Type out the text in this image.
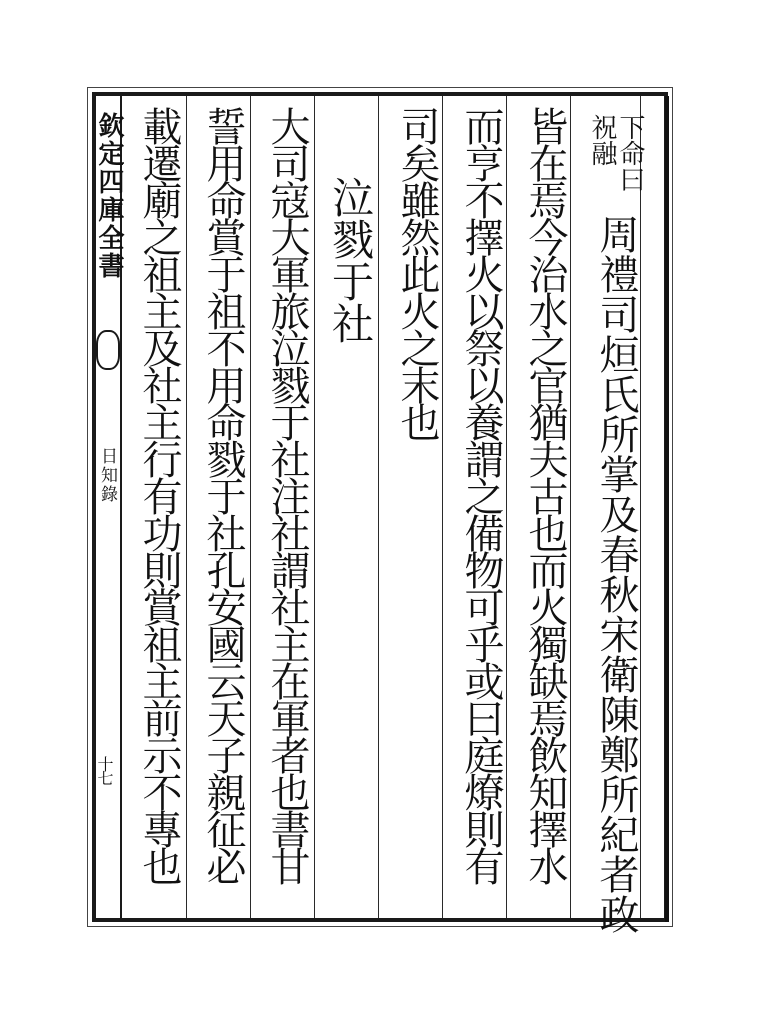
欽定四庫全書
日知錄
十七
下命曰
祝融
周禮司烜氏所掌及春秋宋衛陳鄭所紀者政
皆在焉今治水之官猶夫古也而火獨缺焉飲知擇水
而亨不擇火以祭以養謂之備物可乎或曰庭燎則有
司矣雖然此火之末也
泣戮于社
大司寇大軍旅泣戮于社注社謂社主在軍者也書甘
誓用命賞于祖不用命戮于社孔安國云天子親征必
載遷廟之祖主及社主行有功則賞祖主前示不專也
